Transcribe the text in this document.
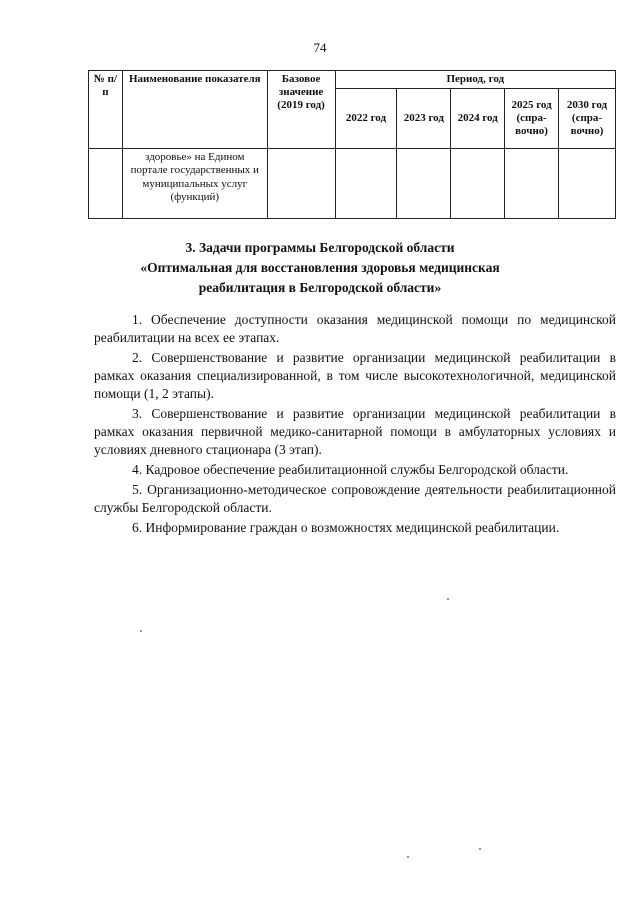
74
№ п/п	Наименование показателя	Базовое значение (2019 год)	Период, год				
			2022 год	2023 год	2024 год	2025 год (спра-вочно)	2030 год (спра-вочно)
	здоровье» на Едином портале государственных и муниципальных услуг (функций)						
3. Задачи программы Белгородской области
«Оптимальная для восстановления здоровья медицинская
реабилитация в Белгородской области»

1. Обеспечение доступности оказания медицинской помощи по медицинской реабилитации на всех ее этапах.

2. Совершенствование и развитие организации медицинской реабилитации в рамках оказания специализированной, в том числе высокотехнологичной, медицинской помощи (1, 2 этапы).

3. Совершенствование и развитие организации медицинской реабилитации в рамках оказания первичной медико-санитарной помощи в амбулаторных условиях и условиях дневного стационара (3 этап).

4. Кадровое обеспечение реабилитационной службы Белгородской области.

5. Организационно-методическое сопровождение деятельности реабилитационной службы Белгородской области.

6. Информирование граждан о возможностях медицинской реабилитации.
